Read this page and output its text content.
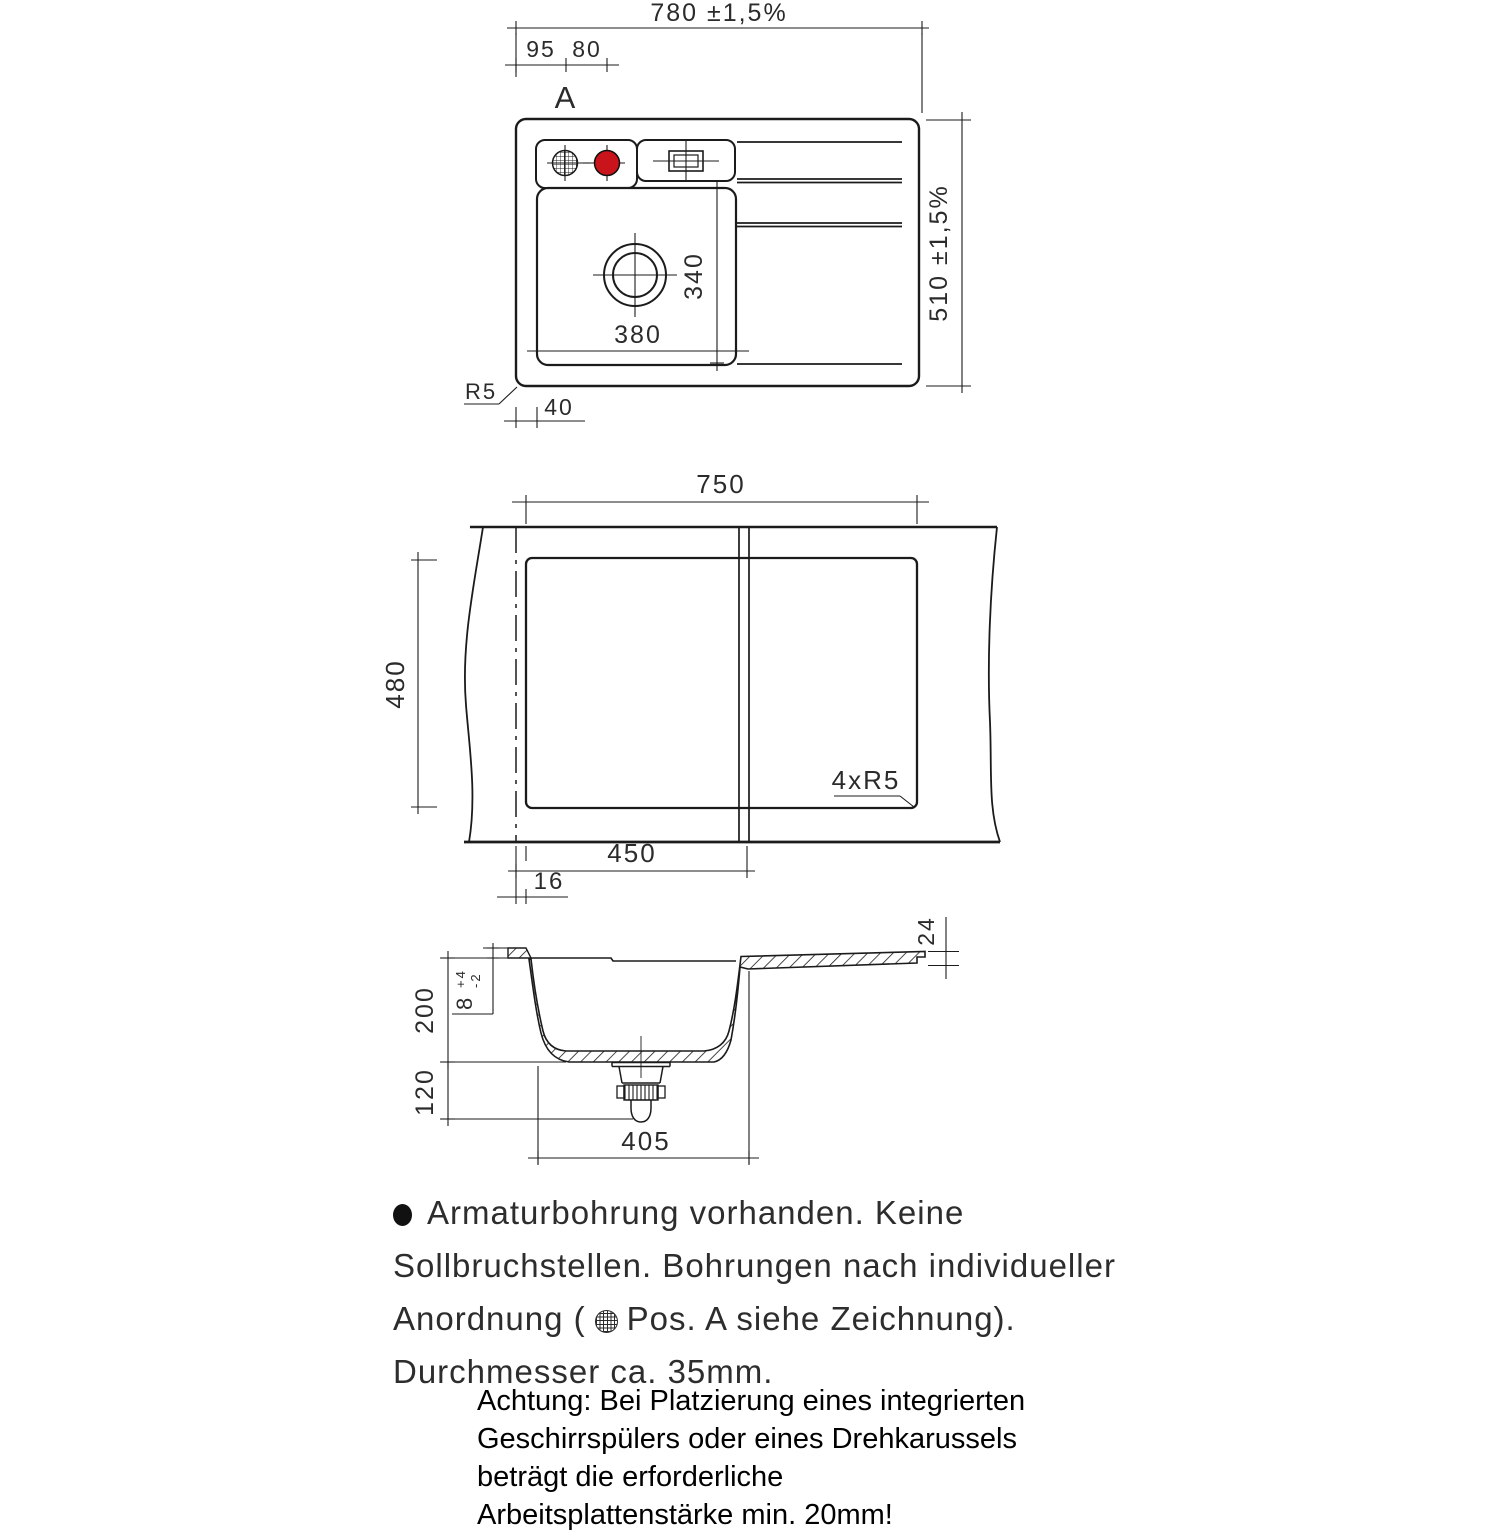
780 ±1,5%
95 80
A
510 ±1,5%
340
380
R5
40
4xR5
750
480
450
16
24
8
+4 -2
200
120
405
Armaturbohrung vorhanden. Keine
Sollbruchstellen. Bohrungen nach individueller
Anordnung ( Pos. A siehe Zeichnung).
Durchmesser ca. 35mm.
Achtung: Bei Platzierung eines integrierten
Geschirrspülers oder eines Drehkarussels
beträgt die erforderliche
Arbeitsplattenstärke min. 20mm!
